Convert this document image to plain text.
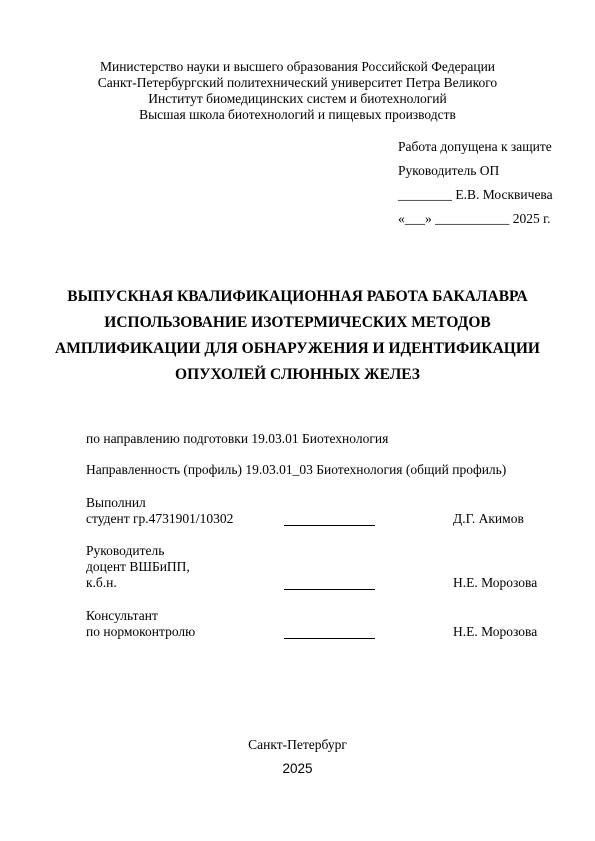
Министерство науки и высшего образования Российской Федерации
Санкт-Петербургский политехнический университет Петра Великого
Институт биомедицинских систем и биотехнологий
Высшая школа биотехнологий и пищевых производств
Работа допущена к защите
Руководитель ОП
________ Е.В. Москвичева
«___» ___________ 2025 г.
ВЫПУСКНАЯ КВАЛИФИКАЦИОННАЯ РАБОТА БАКАЛАВРА
ИСПОЛЬЗОВАНИЕ ИЗОТЕРМИЧЕСКИХ МЕТОДОВ
АМПЛИФИКАЦИИ ДЛЯ ОБНАРУЖЕНИЯ И ИДЕНТИФИКАЦИИ
ОПУХОЛЕЙ СЛЮННЫХ ЖЕЛЕЗ
по направлению подготовки 19.03.01 Биотехнология
Направленность (профиль) 19.03.01_03 Биотехнология (общий профиль)
Выполнил
студент гр.4731901/10302	Д.Г. Акимов
Руководитель
доцент ВШБиПП,
к.б.н.	Н.Е. Морозова
Консультант
по нормоконтролю	Н.Е. Морозова
Санкт-Петербург
2025
